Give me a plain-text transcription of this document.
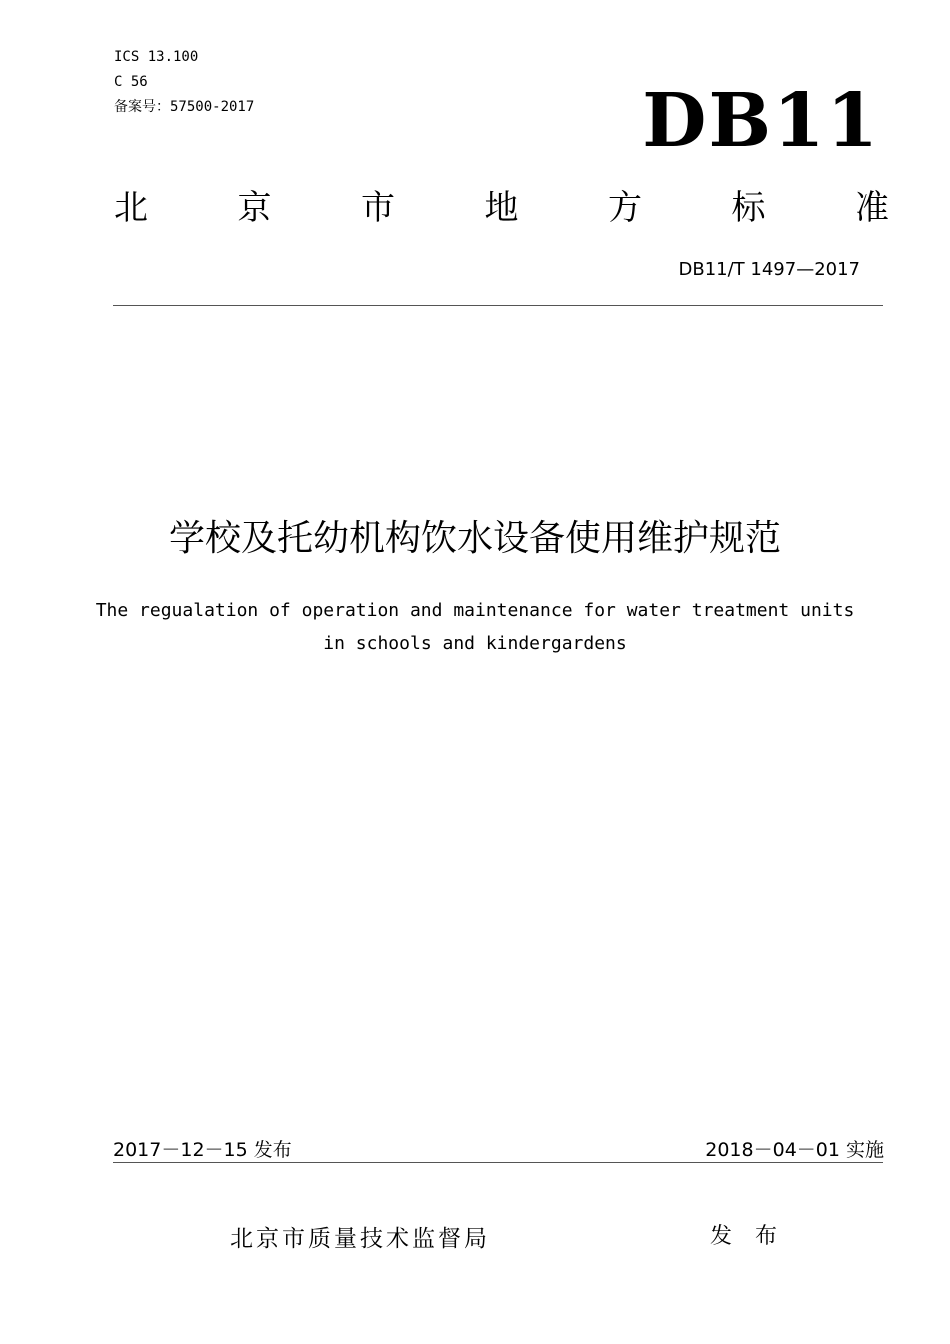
ICS 13.100
C 56
备案号：57500-2017	DB11
北	京	市	地	方	标	准
DB11/T 1497—2017
学校及托幼机构饮水设备使用维护规范
The regualation of operation and maintenance for water treatment units
in schools and kindergardens
2017－12－15 发布	2018－04－01 实施
北京市质量技术监督局	发 布
